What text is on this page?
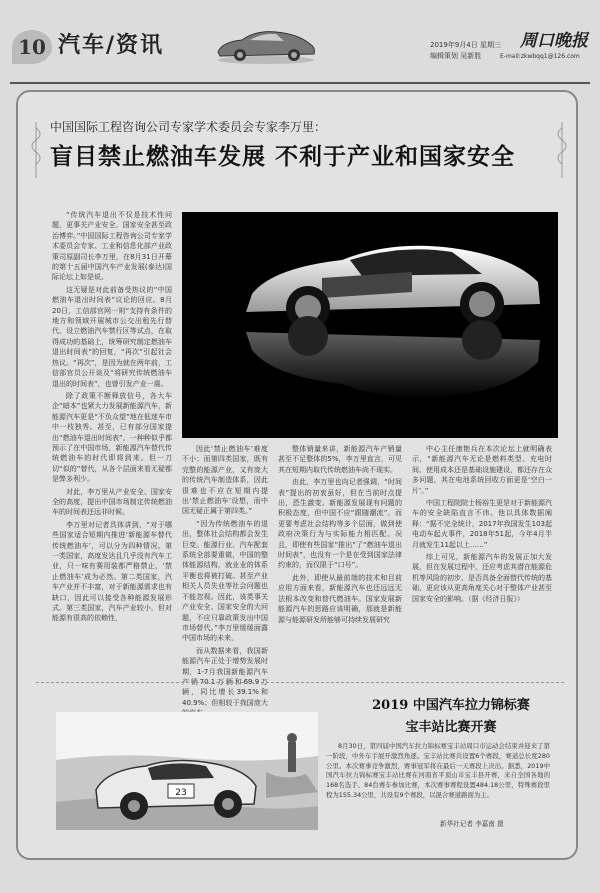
10 汽车/资讯	2019年9月4日 星期三
编辑策划 吴新胜
周口晚报
E-mail:zkwbqq1@126.com
中国国际工程咨询公司专家学术委员会专家李万里：
盲目禁止燃油车发展 不利于产业和国家安全

“传统汽车退出不仅是技术性问题，更事关产业安全、国家安全甚至政治博弈。”中国国际工程咨询公司专家学术委员会专家、工业和信息化部产业政策司原副司长李万里，在8月31日开幕的第十五届中国汽车产业发展(泰达)国际论坛上如是说。

这无疑是对此前备受热议的“中国燃油车退出时间表”议论的回应。8月20日，工信部官网一则“支持有条件的地方和领域开展城市公交出租先行替代、设立燃油汽车禁行区等试点，在取得成功的基础上，统筹研究制定燃油车退出时间表”的回复，“再次”引起社会热议。“再次”，是因为就在两年前，工信部官员公开谈及“将研究传统燃油车退出的时间表”，也曾引发产业一震。

除了政策不断释放信号，各大车企“暗本”也紧大力发展新能源汽车，新能源汽车更是“不负众望”地在低迷车市中一枝独秀。甚至，已有部分国家提出“燃油车退出时间表”，一种种似乎都预示了在中国市场，新能源汽车替代传统燃油车的时代即将到来。但一刀切“似的”替代，从各个层面来看无疑都是弊多利少。

对此，李万里从产业安全、国家安全的高度，提出中国市场制定传统燃油车的时间表还远非时候。

李万里对记者具体讲到，“对于哪些国家适合短期内推进‘新能源车替代传统燃油车’，可以分为四种情况。第一类国家，高度发达且几乎没有汽车工业，只一味有赛用装都严格禁止，‘禁止燃油车’成为必然。第二类国家，汽车产业并不丰富，对于新能源需求也有缺口，因此可以接受各种能源发展形式。第三类国家，汽车产业较小，但对能源有很高的依赖性，

因此‘禁止燃油车’难度不小；而第四类国家，既有完整的能源产业，又有庞大的传统汽车制造体系，因此很难也不应在短期内提出‘禁止燃油车’设想，而中国无疑正属于第四类。”

“因为传统燃油车的退出，整体社会结构都会发生巨变。能源行业、汽车配套系统全部要重做，中国的整体能源结构，就业业的体系平衡也将被打破。甚至产业相关人员失业等社会问题也不能忽视。因此，该类事关产业安全、国家安全的大问题，不应只靠政策发出中国市场替代。”李万里缓缓面露中国市场的未来，

而从数据来看，我国新能源汽车正处于增势发展时期，1-7月我国新能源汽车产销70.1万辆和69.9万辆，同比增长39.1%和40.9%；但相较于我国庞大

整体销量来讲，新能源汽车产销量甚至不足整体的5%，李万里直言，可见其在短期内取代传统燃油车尚不现实。

由此，李万里也向记者强调，“时间表”提出的初衷虽好，但在当前时点提出，恐生激变。新能源发展现有问题的积极态度，但中国不应“跟随潮流”，而更要考虑社会结构等多个层面，做到使政府决策行为与实际能力相匹配。况且，即使有些国家“推出”了“燃油车退出时间表”，也没有一个是在受到国家法律约束的，而仅限于“口号”。

此外，即使从最前端的技术和目前应用方面来看，新能源汽车也还远远无法根本改变和替代燃油车。国家发展新能源汽车的思路应该明确，那就是新能源与能源研发所能够可持续发展研究

中心主任康艳兵在本次论坛上就明确表示，“新能源汽车无论是燃料类型、充电时间、使用成本还是基础设施建设，都还存在众多问题，其在电池系统回收方面更是‘空白一片’。”

中国工程院院士杨裕生更是对于新能源汽车的安全缺陷直言不讳。他以具体数据阐释：“据不完全统计，2017年我国发生103起电动车起火事件，2018年51起，今年4月半月就发生11起以上……”

综上可见，新能源汽车的发展正加大发展，但在发展过程中，还应考虑其潜在能源危机等风险的初步、是否具备全面替代传统的基础，更应该从更高角度关心对于整体产业甚至国家安全的影响。（据《经济日报》）

23
2019 中国汽车拉力锦标赛
宝丰站比赛开赛

8月30日，第四届中国汽车拉力锦标赛宝丰站周口市运动会结束并迎来了第一阶段，中外车手展开激烈角逐。宝丰站比赛共设置6个赛段，赛道总长度280公里。本次赛事竞争激烈，赛事冠军将在最后一天赛段上决出。据悉，2019中国汽车拉力锦标赛宝丰站比赛在河南省平顶山市宝丰县开赛，来自全国各地的168名选手、84台赛车参加比赛，本次赛事赛程设置484.18公里，特殊赛段里程为155.34公里，共设有9个赛段，以混合赛道路面为主。

新华社记者 李嘉南 摄
